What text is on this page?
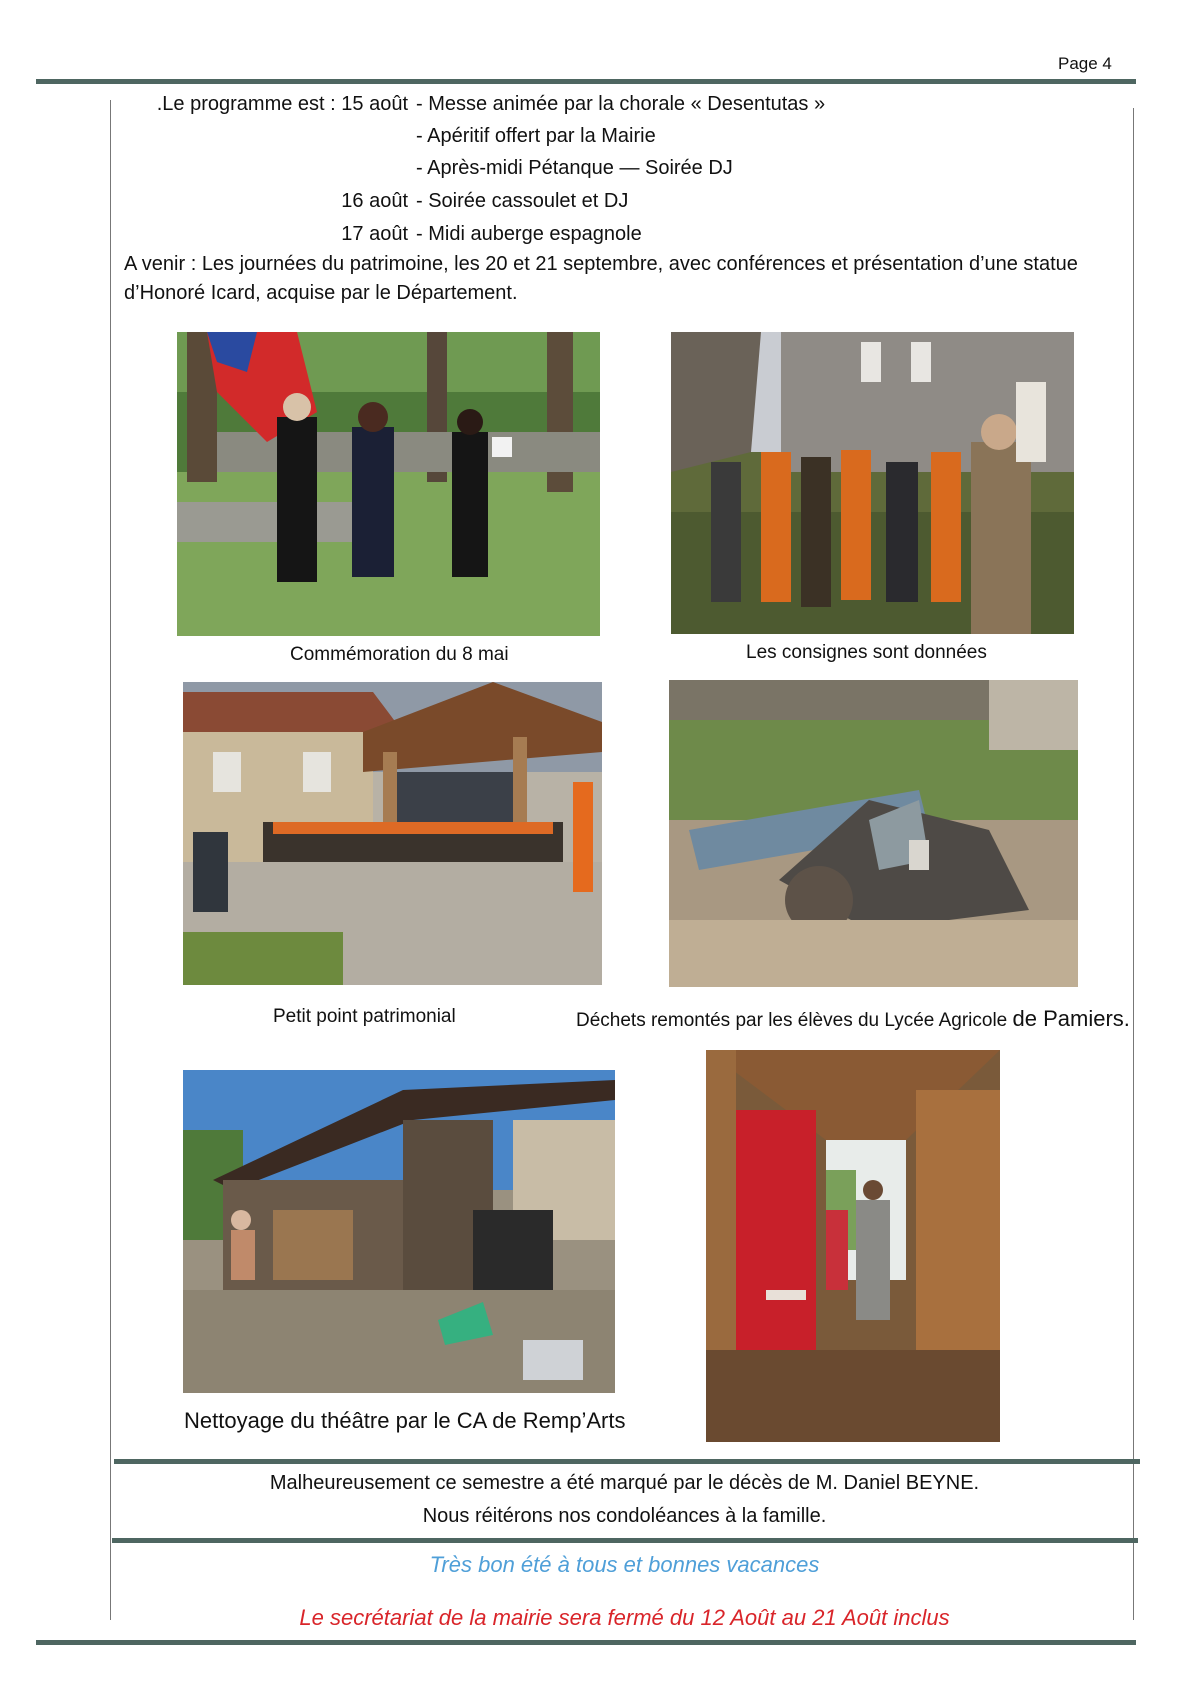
Page 4
.Le programme est : 15 août - Messe animée par la chorale « Desentutas »
- Apéritif offert par la Mairie
- Après-midi Pétanque — Soirée DJ
16 août - Soirée cassoulet et DJ
17 août - Midi auberge espagnole
A venir : Les journées du patrimoine, les 20 et 21 septembre, avec conférences et présentation d’une statue d’Honoré Icard, acquise par le Département.
Commémoration du 8 mai	Les consignes sont données
Petit point patrimonial	Déchets remontés par les élèves du Lycée Agricole de Pamiers.
Nettoyage du théâtre par le CA de Remp’Arts
Malheureusement ce semestre a été marqué par le décès de M. Daniel BEYNE.
Nous réitérons nos condoléances à la famille.
Très bon été à tous et bonnes vacances
Le secrétariat de la mairie sera fermé du 12 Août au 21 Août inclus
